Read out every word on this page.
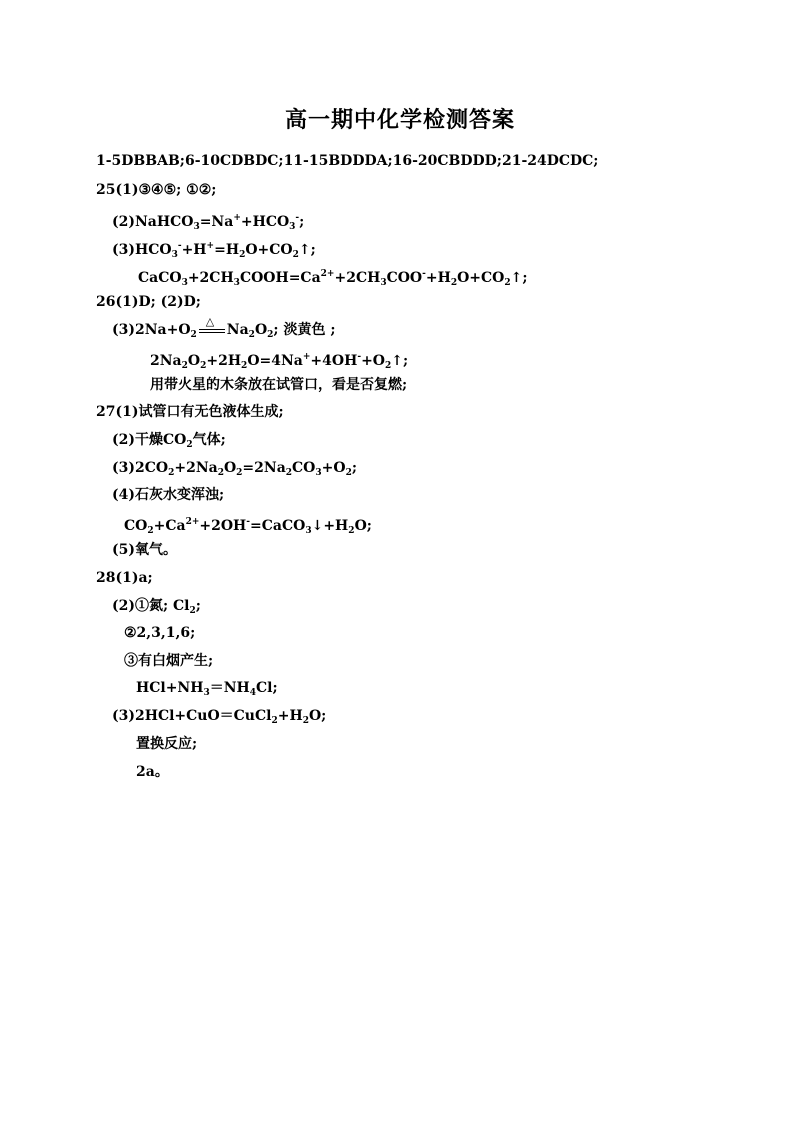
高一期中化学检测答案
1-5DBBAB;6-10CDBDC;11-15BDDDA;16-20CBDDD;21-24DCDC;
25(1)③④⑤; ①②;
$(2)NaHCO_3=Na^++HCO_3^-$;
$(3)HCO_3^-+H^+=H_2O+CO_2↑$;
$CaCO_3+2CH_3COOH=Ca^{2+}+2CH_3COO^-+H_2O+CO_2↑$;
26(1)D; (2)D;
$(3)2Na+O_2$
△
$Na_2O_2$; 淡黄色 ;
$2Na_2O_2+2H_2O=4Na^++4OH^-+O_2↑$;
用带火星的木条放在试管口，看是否复燃;
27(1)试管口有无色液体生成;
(2)干燥$CO_2$气体;
$(3)2CO_2+2Na_2O_2=2Na_2CO_3+O_2$;
(4)石灰水变浑浊;
$CO_2+Ca^{2+}+2OH^-=CaCO_3↓+H_2O$;
(5)氧气。
28(1)a;
(2)①氮; $Cl_2$;
②2,3,1,6;
③有白烟产生;
$HCl+NH_3=NH_4Cl$;
$(3)2HCl+CuO=CuCl_2+H_2O$;
置换反应;
2a。
